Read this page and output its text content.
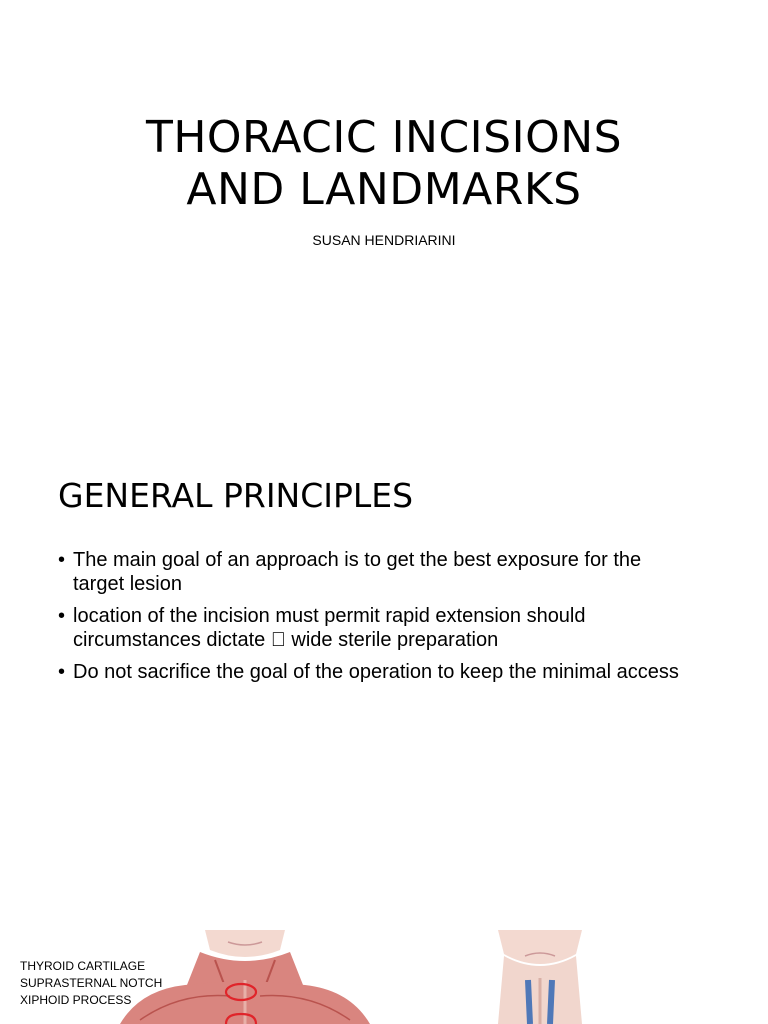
THORACIC INCISIONS
AND LANDMARKS
SUSAN HENDRIARINI
GENERAL PRINCIPLES
• The main goal of an approach is to get the best exposure for the
target lesion
• location of the incision must permit rapid extension should
circumstances dictate wide sterile preparation
• Do not sacrifice the goal of the operation to keep the minimal access
THYROID CARTILAGE
SUPRASTERNAL NOTCH
XIPHOID PROCESS
